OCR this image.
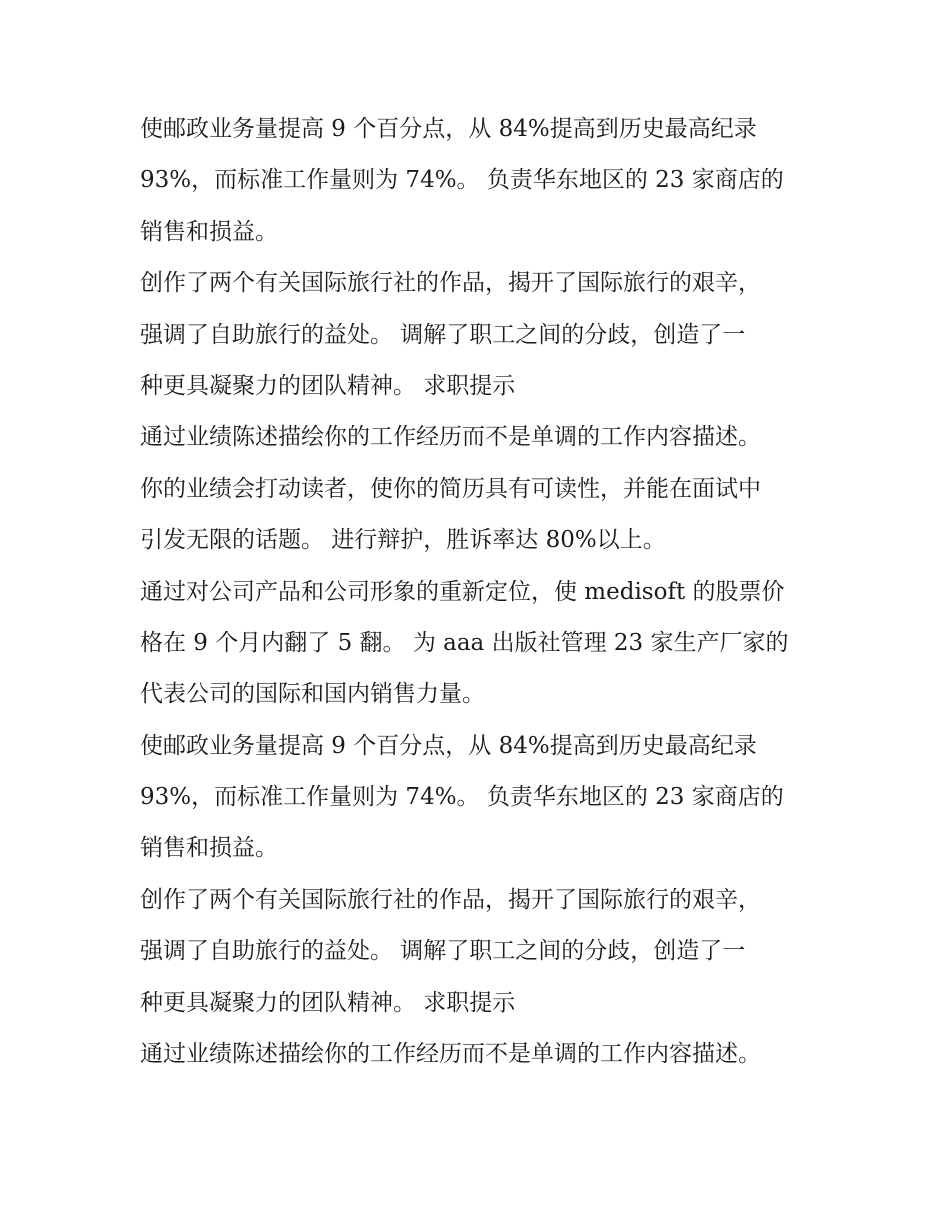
使邮政业务量提高 9 个百分点，从 84%提高到历史最高纪录
93%，而标准工作量则为 74%。 负责华东地区的 23 家商店的
销售和损益。

创作了两个有关国际旅行社的作品，揭开了国际旅行的艰辛，
强调了自助旅行的益处。 调解了职工之间的分歧，创造了一
种更具凝聚力的团队精神。 求职提示

通过业绩陈述描绘你的工作经历而不是单调的工作内容描述。
你的业绩会打动读者，使你的简历具有可读性，并能在面试中
引发无限的话题。 进行辩护，胜诉率达 80%以上。

通过对公司产品和公司形象的重新定位，使 medisoft 的股票价
格在 9 个月内翻了 5 翻。 为 aaa 出版社管理 23 家生产厂家的
代表公司的国际和国内销售力量。

使邮政业务量提高 9 个百分点，从 84%提高到历史最高纪录
93%，而标准工作量则为 74%。 负责华东地区的 23 家商店的
销售和损益。

创作了两个有关国际旅行社的作品，揭开了国际旅行的艰辛，
强调了自助旅行的益处。 调解了职工之间的分歧，创造了一
种更具凝聚力的团队精神。 求职提示

通过业绩陈述描绘你的工作经历而不是单调的工作内容描述。
